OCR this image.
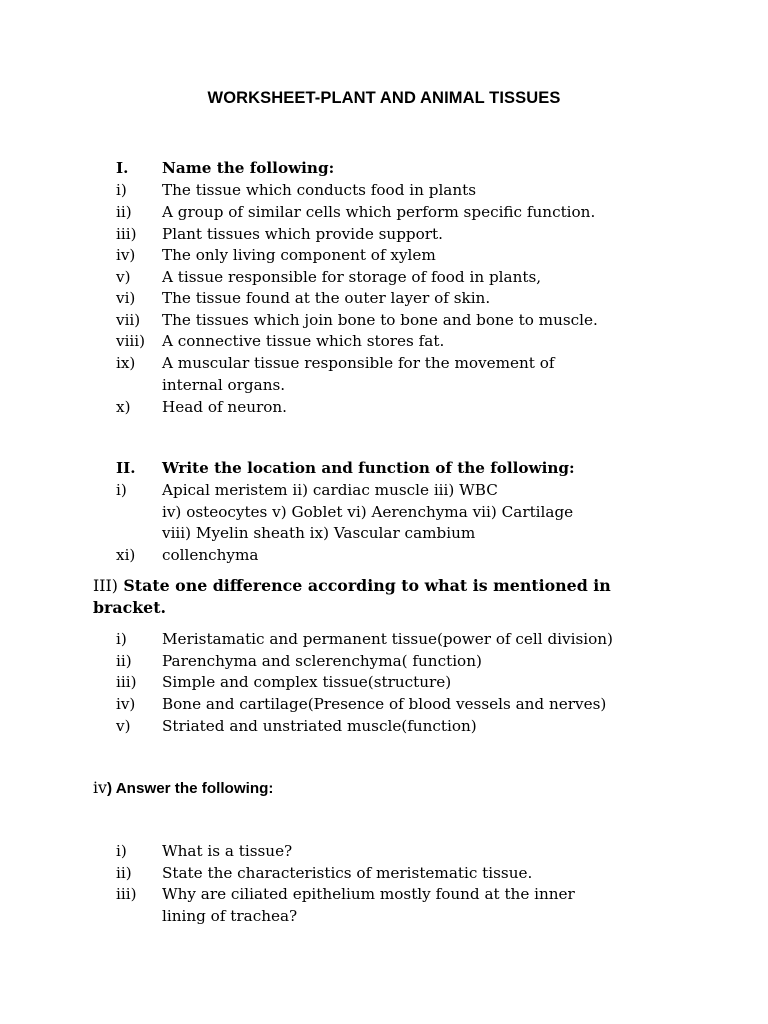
WORKSHEET-PLANT AND ANIMAL TISSUES
I. Name the following:
i) The tissue which conducts food in plants
ii) A group of similar cells which perform specific function.
iii) Plant tissues which provide support.
iv) The only living component of xylem
v) A tissue responsible for storage of food in plants,
vi) The tissue found at the outer layer of skin.
vii) The tissues which join bone to bone and bone to muscle.
viii) A connective tissue which stores fat.
ix) A muscular tissue responsible for the movement of
internal organs.
x) Head of neuron.
II. Write the location and function of the following:
i) Apical meristem ii) cardiac muscle iii) WBC
iv) osteocytes v) Goblet vi) Aerenchyma vii) Cartilage
viii) Myelin sheath ix) Vascular cambium
xi) collenchyma
III) State one difference according to what is mentioned in
bracket.
i) Meristamatic and permanent tissue(power of cell division)
ii) Parenchyma and sclerenchyma( function)
iii) Simple and complex tissue(structure)
iv) Bone and cartilage(Presence of blood vessels and nerves)
v) Striated and unstriated muscle(function)
iv) Answer the following:
i) What is a tissue?
ii) State the characteristics of meristematic tissue.
iii) Why are ciliated epithelium mostly found at the inner
lining of trachea?
